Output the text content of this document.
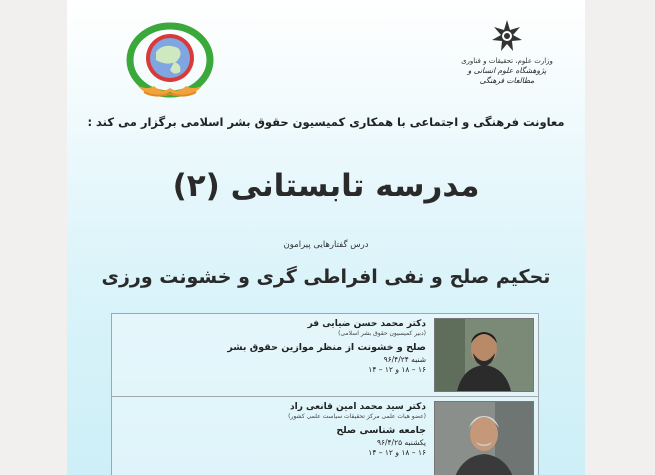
وزارت علوم، تحقیقات و فناوری
پژوهشگاه علوم انسانی و مطالعات فرهنگی
معاونت فرهنگی و اجتماعی با همکاری کمیسیون حقوق بشر اسلامی برگزار می کند :
مدرسه تابستانی (۲)
درس گفتارهایی پیرامون
تحکیم صلح و نفی افراطی گری و خشونت ورزی
دکتر محمد حسن ضیایی فر
(دبیر کمیسیون حقوق بشر اسلامی)
صلح و خشونت از منظر موازین حقوق بشر
شنبه ۹۶/۴/۲۴
۱۶ – ۱۸ و ۱۲ – ۱۴
دکتر سید محمد امین قانعی راد
(عضو هیات علمی مرکز تحقیقات سیاست علمی کشور)
جامعه شناسی صلح
یکشنبه ۹۶/۴/۲۵
۱۶ – ۱۸ و ۱۲ – ۱۴
